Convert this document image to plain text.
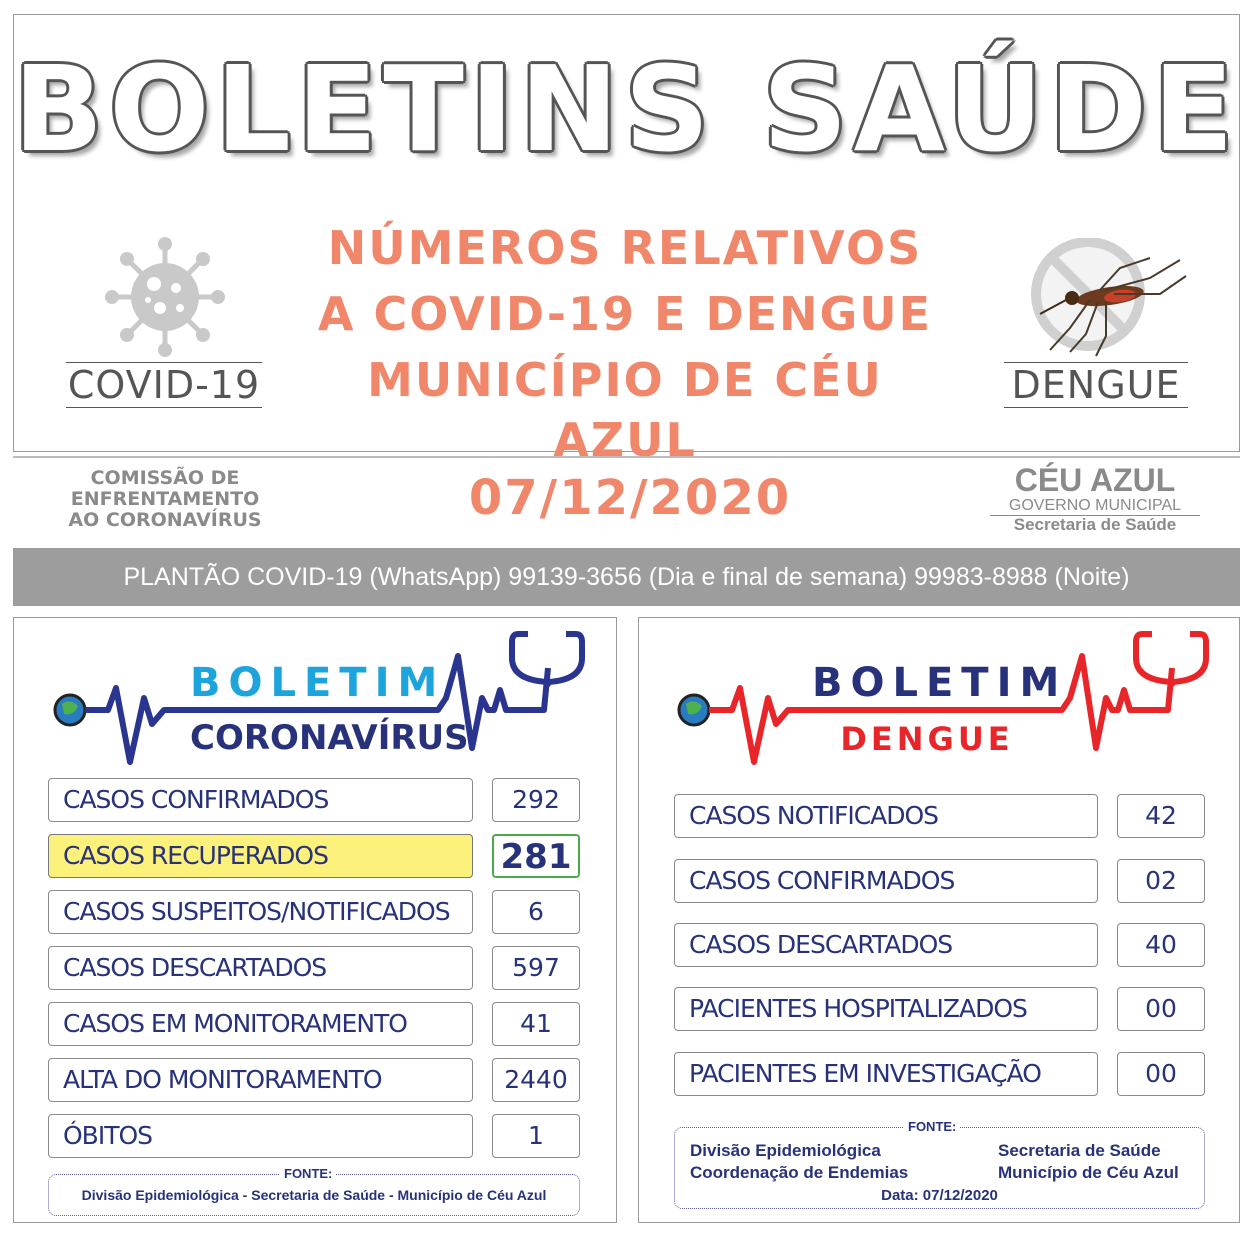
BOLETINS SAÚDE
NÚMEROS RELATIVOS
A COVID-19 E DENGUE
MUNICÍPIO DE CÉU AZUL
COVID-19	DENGUE
COMISSÃO DE
ENFRENTAMENTO
AO CORONAVÍRUS	07/12/2020	CÉU AZUL
GOVERNO MUNICIPAL
Secretaria de Saúde
PLANTÃO COVID-19 (WhatsApp) 99139-3656 (Dia e final de semana) 99983-8988 (Noite)
BOLETIM
CORONAVÍRUS
CASOS CONFIRMADOS	292
CASOS RECUPERADOS	281
CASOS SUSPEITOS/NOTIFICADOS	6
CASOS DESCARTADOS	597
CASOS EM MONITORAMENTO	41
ALTA DO MONITORAMENTO	2440
ÓBITOS	1
FONTE:
Divisão Epidemiológica - Secretaria de Saúde - Município de Céu Azul
BOLETIM
DENGUE
CASOS NOTIFICADOS	42
CASOS CONFIRMADOS	02
CASOS DESCARTADOS	40
PACIENTES HOSPITALIZADOS	00
PACIENTES EM INVESTIGAÇÃO	00
FONTE:
Divisão Epidemiológica
Coordenação de Endemias
Secretaria de Saúde
Município de Céu Azul
Data: 07/12/2020
